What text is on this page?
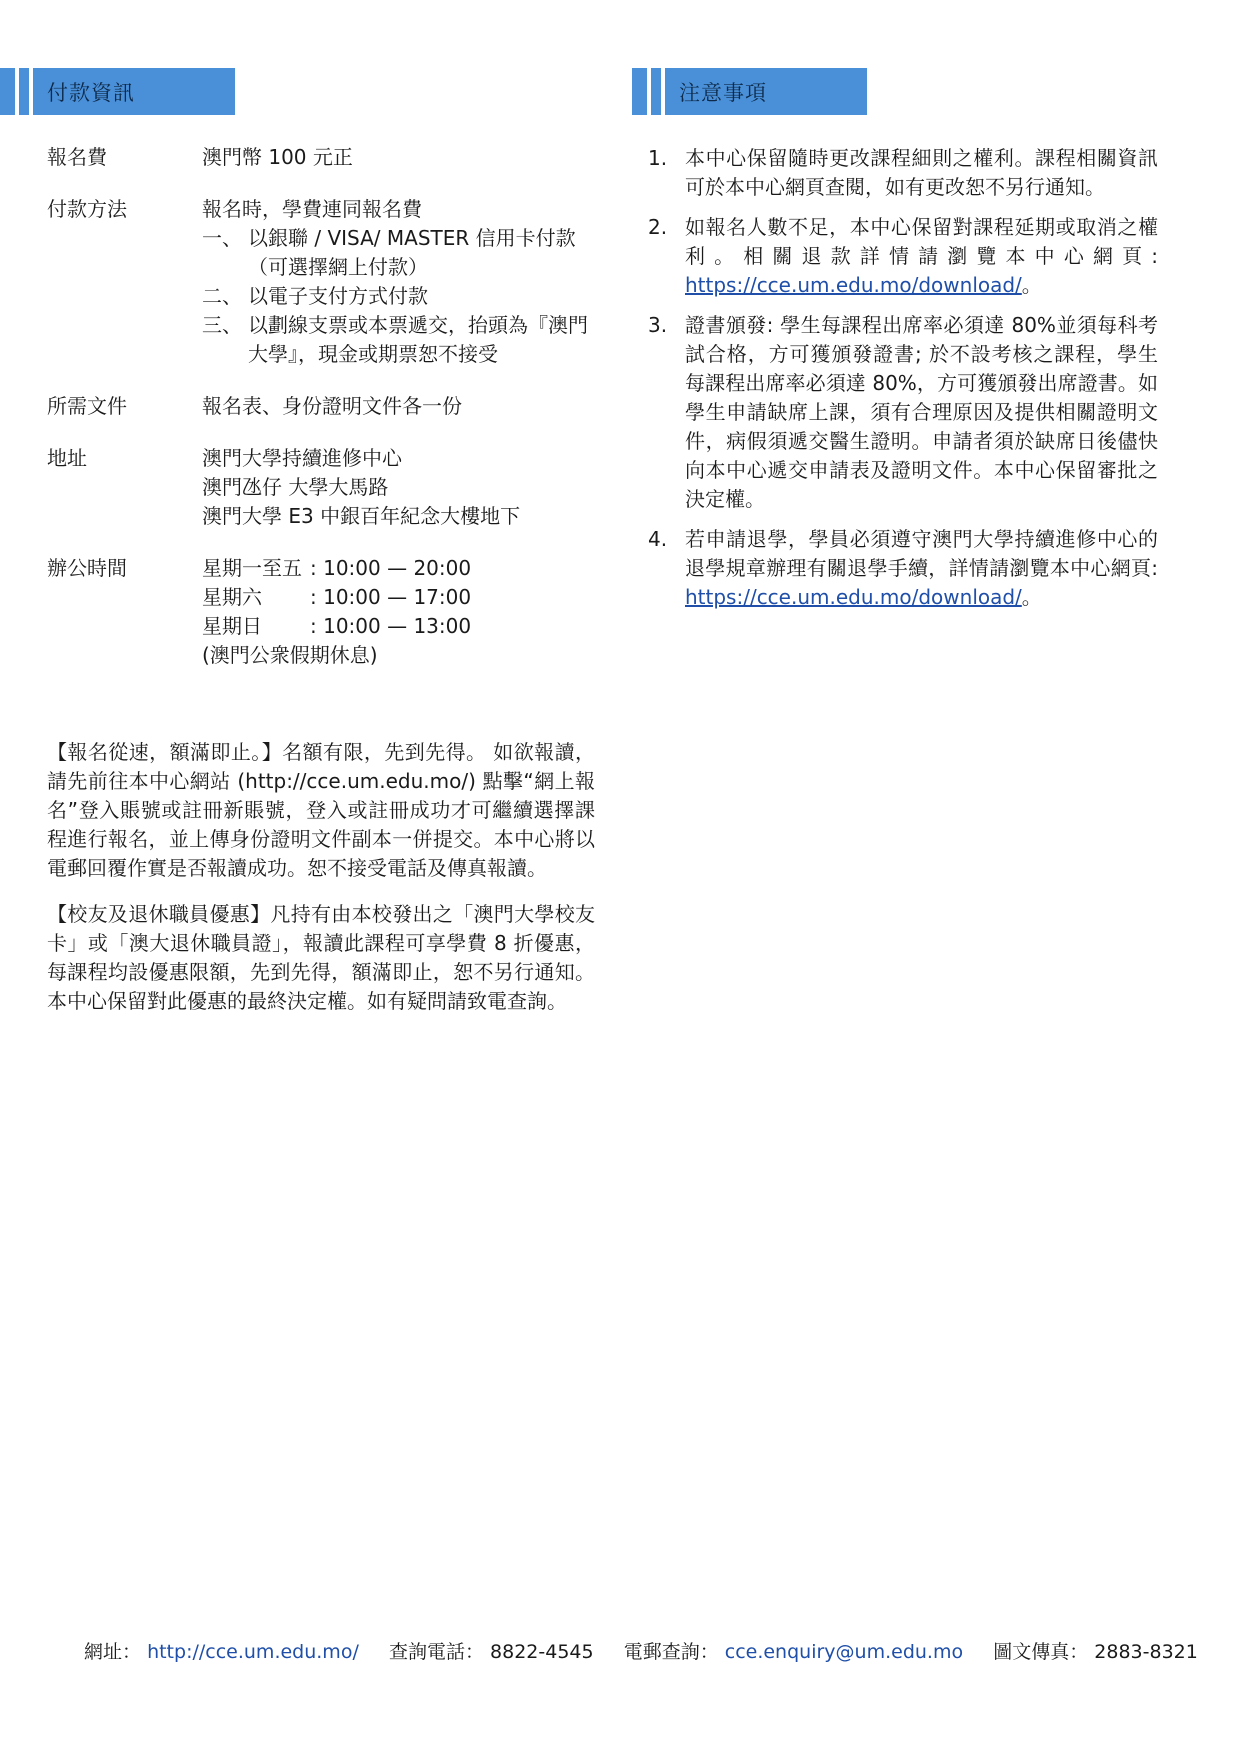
付款資訊	注意事項
報名費	澳門幣 100 元正
付款方法	報名時，學費連同報名費
一、 以銀聯 / VISA/ MASTER 信用卡付款（可選擇網上付款）
二、 以電子支付方式付款
三、 以劃線支票或本票遞交，抬頭為『澳門大學』，現金或期票恕不接受
所需文件	報名表、身份證明文件各一份
地址	澳門大學持續進修中心
澳門氹仔 大學大馬路
澳門大學 E3 中銀百年紀念大樓地下
辦公時間	星期一至五 : 10:00 — 20:00
星期六	: 10:00 — 17:00
星期日	: 10:00 — 13:00
(澳門公衆假期休息)

【報名從速，額滿即止。】名額有限，先到先得。 如欲報讀，請先前往本中心網站 (http://cce.um.edu.mo/) 點擊“網上報名”登入賬號或註冊新賬號，登入或註冊成功才可繼續選擇課程進行報名，並上傳身份證明文件副本一併提交。本中心將以電郵回覆作實是否報讀成功。恕不接受電話及傳真報讀。

【校友及退休職員優惠】凡持有由本校發出之「澳門大學校友卡」或「澳大退休職員證」，報讀此課程可享學費 8 折優惠，每課程均設優惠限額，先到先得，額滿即止，恕不另行通知。本中心保留對此優惠的最終決定權。如有疑問請致電查詢。

1. 本中心保留隨時更改課程細則之權利。課程相關資訊可於本中心網頁查閱，如有更改恕不另行通知。
2. 如報名人數不足，本中心保留對課程延期或取消之權利。相關退款詳情請瀏覽本中心網頁: https://cce.um.edu.mo/download/。
3. 證書頒發: 學生每課程出席率必須達 80%並須每科考試合格，方可獲頒發證書; 於不設考核之課程，學生每課程出席率必須達 80%，方可獲頒發出席證書。如學生申請缺席上課，須有合理原因及提供相關證明文件，病假須遞交醫生證明。申請者須於缺席日後儘快向本中心遞交申請表及證明文件。本中心保留審批之決定權。
4. 若申請退學，學員必須遵守澳門大學持續進修中心的退學規章辦理有關退學手續，詳情請瀏覽本中心網頁: https://cce.um.edu.mo/download/。
網址： http://cce.um.edu.mo/ 查詢電話： 8822-4545 電郵查詢： cce.enquiry@um.edu.mo 圖文傳真： 2883-8321
